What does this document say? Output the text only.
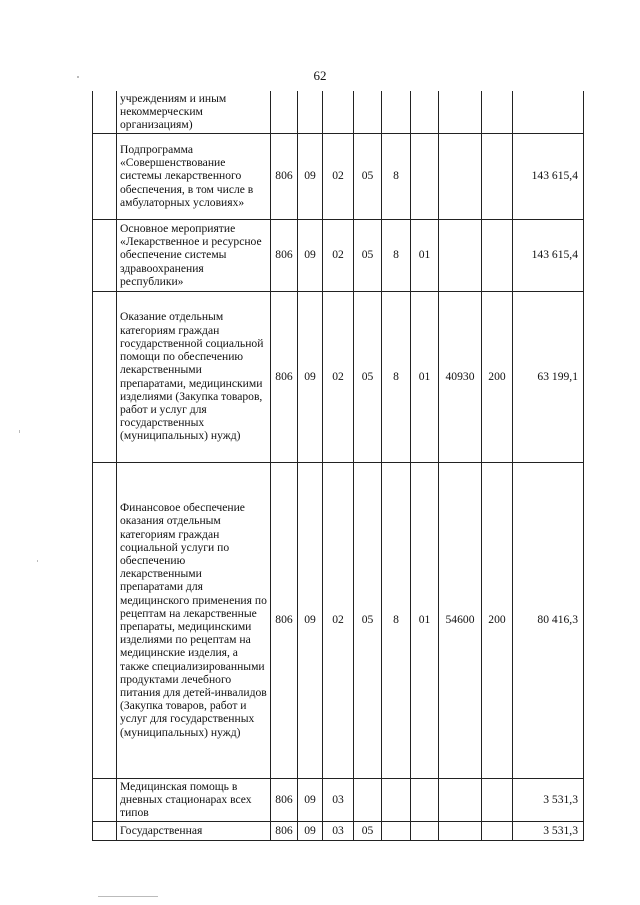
62
	учреждениям и иным некоммерческим организациям)									
	Подпрограмма «Совершенствование системы лекарственного обеспечения, в том числе в амбулаторных условиях»	806	09	02	05	8				143 615,4
	Основное мероприятие «Лекарственное и ресурсное обеспечение системы здравоохранения республики»	806	09	02	05	8	01			143 615,4
	Оказание отдельным категориям граждан государственной социальной помощи по обеспечению лекарственными препаратами, медицинскими изделиями (Закупка товаров, работ и услуг для государственных (муниципальных) нужд)	806	09	02	05	8	01	40930	200	63 199,1
	Финансовое обеспечение оказания отдельным категориям граждан социальной услуги по обеспечению лекарственными препаратами для медицинского применения по рецептам на лекарственные препараты, медицинскими изделиями по рецептам на медицинские изделия, а также специализированными продуктами лечебного питания для детей-инвалидов (Закупка товаров, работ и услуг для государственных (муниципальных) нужд)	806	09	02	05	8	01	54600	200	80 416,3
	Медицинская помощь в дневных стационарах всех типов	806	09	03						3 531,3
	Государственная	806	09	03	05					3 531,3
